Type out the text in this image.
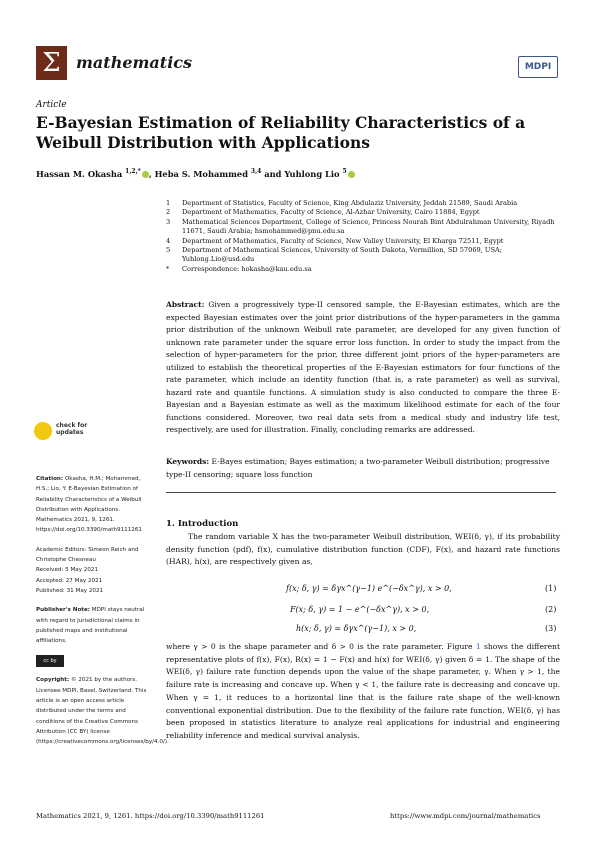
Σ mathematics	MDPI
Article
E-Bayesian Estimation of Reliability Characteristics of a Weibull Distribution with Applications
Hassan M. Okasha $^{1,2,*}$ , Heba S. Mohammed $^{3,4}$ and Yuhlong Lio $^5$
1	Department of Statistics, Faculty of Science, King Abdulaziz University, Jeddah 21589, Saudi Arabia
2	Department of Mathematics, Faculty of Science, Al-Azhar University, Cairo 11884, Egypt
3	Mathematical Sciences Department, College of Science, Princess Nourah Bint Abdulrahman University, Riyadh 11671, Saudi Arabia; hsmohammed@pnu.edu.sa
4	Department of Mathematics, Faculty of Science, New Valley University, El Kharga 72511, Egypt
5	Department of Mathematical Sciences, University of South Dakota, Vermillion, SD 57069, USA; Yuhlong.Lio@usd.edu
*	Correspondence: hokasha@kau.edu.sa
Abstract: Given a progressively type-II censored sample, the E-Bayesian estimates, which are the expected Bayesian estimates over the joint prior distributions of the hyper-parameters in the gamma prior distribution of the unknown Weibull rate parameter, are developed for any given function of unknown rate parameter under the square error loss function. In order to study the impact from the selection of hyper-parameters for the prior, three different joint priors of the hyper-parameters are utilized to establish the theoretical properties of the E-Bayesian estimators for four functions of the rate parameter, which include an identity function (that is, a rate parameter) as well as survival, hazard rate and quantile functions. A simulation study is also conducted to compare the three E-Bayesian and a Bayesian estimate as well as the maximum likelihood estimate for each of the four functions considered. Moreover, two real data sets from a medical study and industry life test, respectively, are used for illustration. Finally, concluding remarks are addressed.
Keywords: E-Bayes estimation; Bayes estimation; a two-parameter Weibull distribution; progressive type-II censoring; square loss function
check for updates
Citation: Okasha, H.M.; Mohammed, H.S.; Lio, Y. E-Bayesian Estimation of Reliability Characteristics of a Weibull Distribution with Applications. Mathematics 2021, 9, 1261. https://doi.org/10.3390/math9111261
Academic Editors: Simeon Reich and Christophe Chesneau
Received: 5 May 2021
Accepted: 27 May 2021
Published: 31 May 2021
Publisher's Note: MDPI stays neutral with regard to jurisdictional claims in published maps and institutional affiliations.
cc by
Copyright: © 2021 by the authors. Licensee MDPI, Basel, Switzerland. This article is an open access article distributed under the terms and conditions of the Creative Commons Attribution (CC BY) license (https://creativecommons.org/licenses/by/4.0/).
1. Introduction
The random variable X has the two-parameter Weibull distribution, WEI(δ, γ), if its probability density function (pdf), f(x), cumulative distribution function (CDF), F(x), and hazard rate functions (HAR), h(x), are respectively given as,
f(x; δ, γ) = δγx^(γ−1) e^(−δx^γ), x > 0,	(1)
F(x; δ, γ) = 1 − e^(−δx^γ), x > 0,	(2)
h(x; δ, γ) = δγx^(γ−1), x > 0,	(3)
where γ > 0 is the shape parameter and δ > 0 is the rate parameter. Figure 1 shows the different representative plots of f(x), F(x), R(x) = 1 − F(x) and h(x) for WEI(δ, γ) given δ = 1. The shape of the WEI(δ, γ) failure rate function depends upon the value of the shape parameter, γ. When γ > 1, the failure rate is increasing and concave up. When γ < 1, the failure rate is decreasing and concave up. When γ = 1, it reduces to a horizontal line that is the failure rate shape of the well-known conventional exponential distribution. Due to the flexibility of the failure rate function, WEI(δ, γ) has been proposed in statistics literature to analyze real applications for industrial and engineering reliability inference and medical survival analysis.
Mathematics 2021, 9, 1261. https://doi.org/10.3390/math9111261	https://www.mdpi.com/journal/mathematics
